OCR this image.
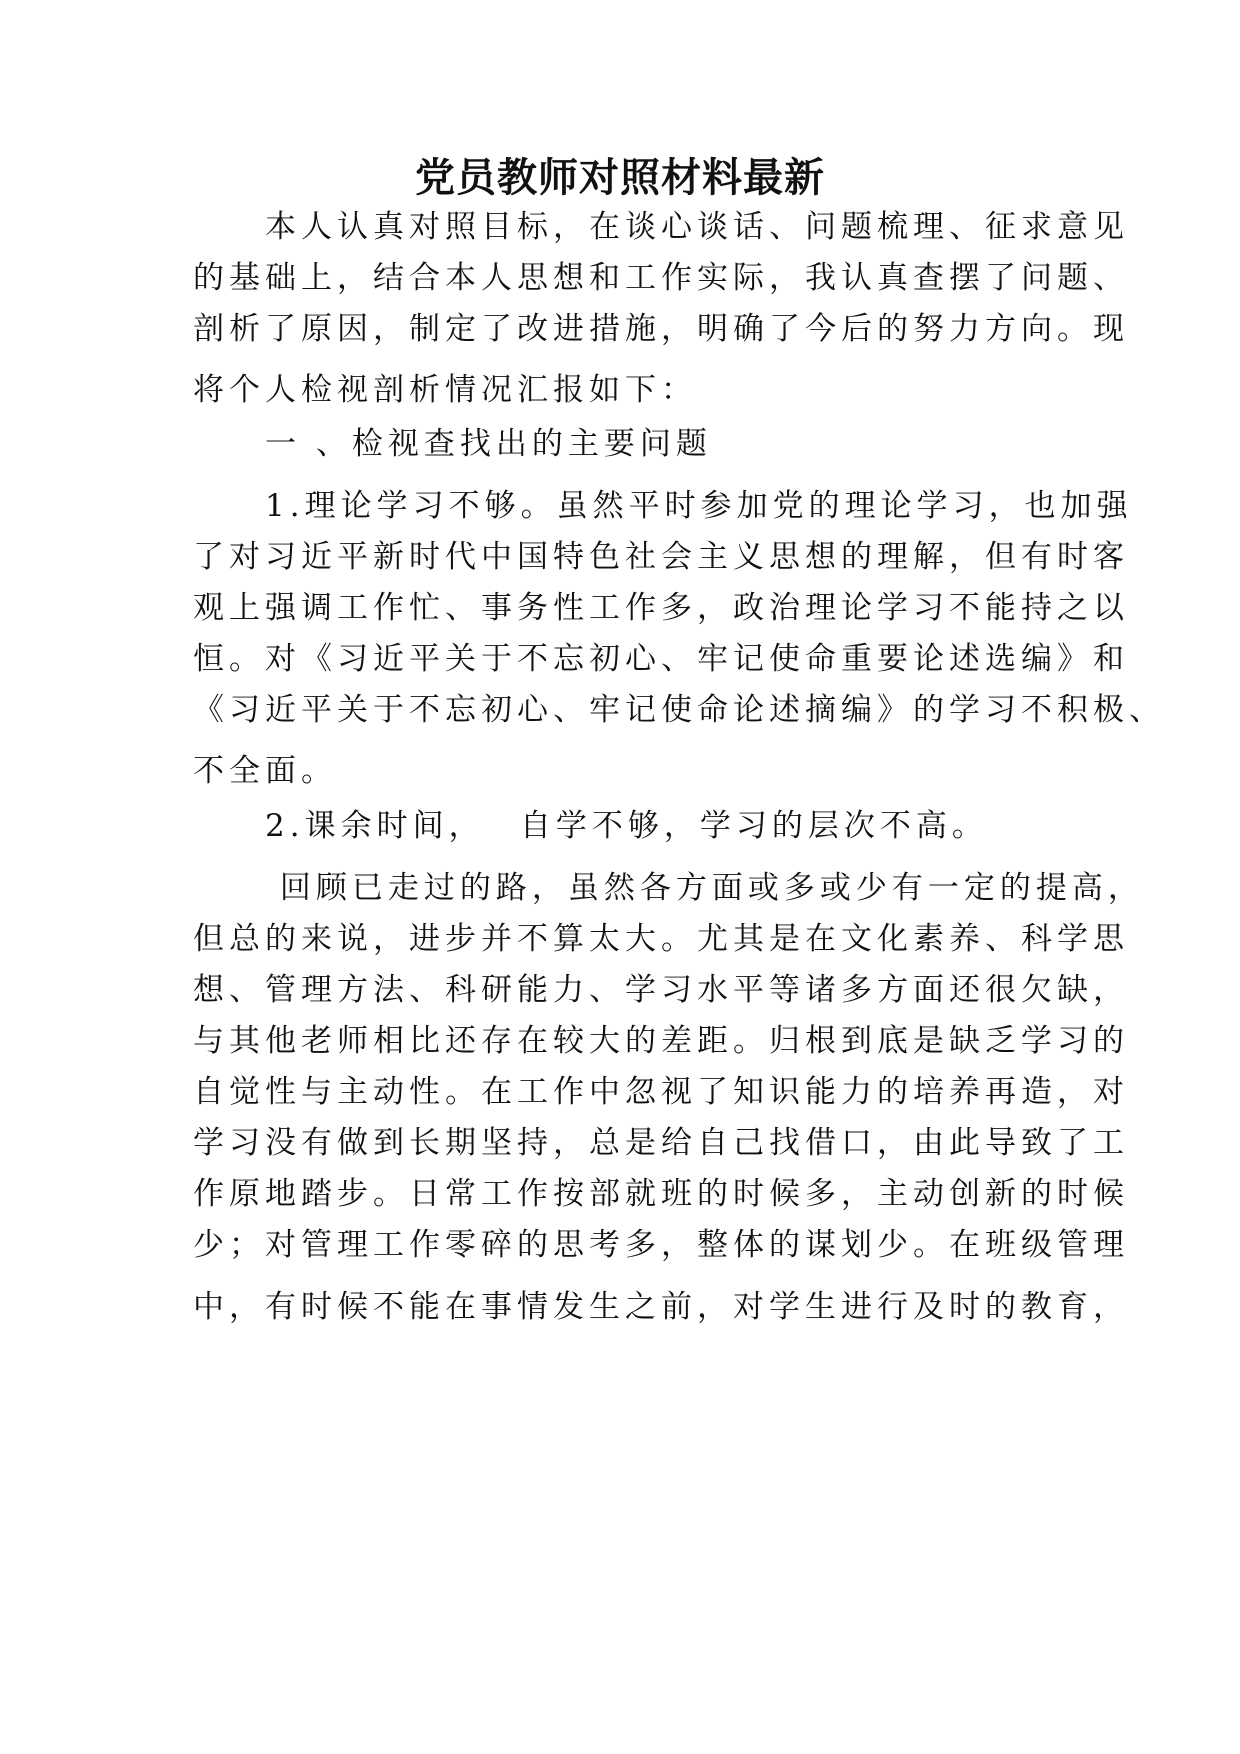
党员教师对照材料最新
　　本人认真对照目标，在谈心谈话、问题梳理、征求意见
的基础上，结合本人思想和工作实际，我认真查摆了问题、
剖析了原因，制定了改进措施，明确了今后的努力方向。现
将个人检视剖析情况汇报如下：
　　一 、检视查找出的主要问题
　　1.理论学习不够。虽然平时参加党的理论学习，也加强
了对习近平新时代中国特色社会主义思想的理解，但有时客
观上强调工作忙、事务性工作多，政治理论学习不能持之以
恒。对《习近平关于不忘初心、牢记使命重要论述选编》和
《习近平关于不忘初心、牢记使命论述摘编》的学习不积极、
不全面。
　　2.课余时间，　 自学不够，学习的层次不高。
　　 回顾已走过的路，虽然各方面或多或少有一定的提高，
但总的来说，进步并不算太大。尤其是在文化素养、科学思
想、管理方法、科研能力、学习水平等诸多方面还很欠缺，
与其他老师相比还存在较大的差距。归根到底是缺乏学习的
自觉性与主动性。在工作中忽视了知识能力的培养再造，对
学习没有做到长期坚持，总是给自己找借口，由此导致了工
作原地踏步。日常工作按部就班的时候多，主动创新的时候
少；对管理工作零碎的思考多，整体的谋划少。在班级管理
中，有时候不能在事情发生之前，对学生进行及时的教育，
